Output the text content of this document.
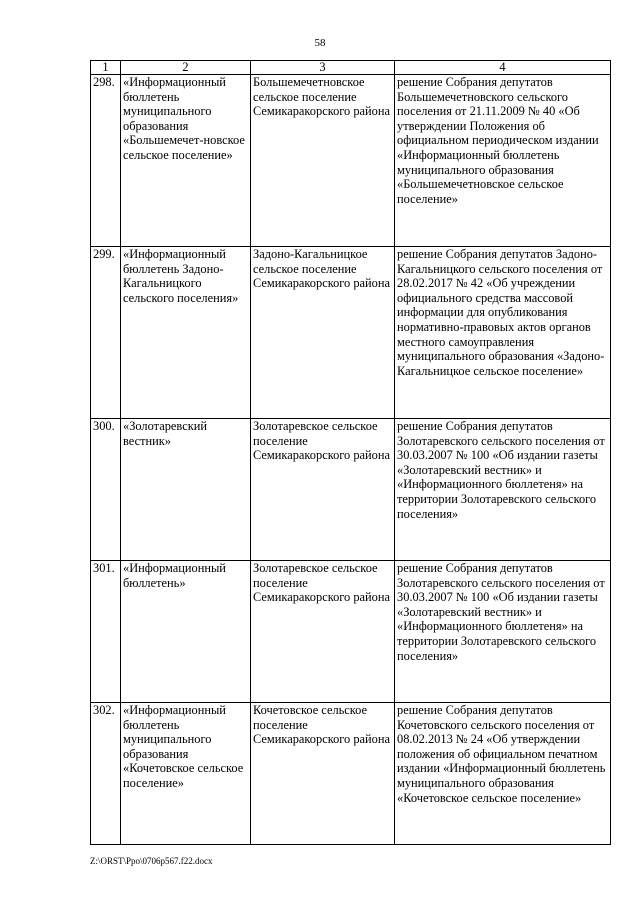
58
1	2	3	4
298.	«Информационный бюллетень муниципального образования «Большемечет-новское сельское поселение»	Большемечетновское сельское поселение Семикаракорского района	решение Собрания депутатов Большемечетновского сельского поселения от 21.11.2009 № 40 «Об утверждении Положения об официальном периодическом издании «Информационный бюллетень муниципального образования «Большемечетновское сельское поселение»
299.	«Информационный бюллетень Задоно-Кагальницкого сельского поселения»	Задоно-Кагальницкое сельское поселение Семикаракорского района	решение Собрания депутатов Задоно-Кагальницкого сельского поселения от 28.02.2017 № 42 «Об учреждении официального средства массовой информации для опубликования нормативно-правовых актов органов местного самоуправления муниципального образования «Задоно-Кагальницкое сельское поселение»
300.	«Золотаревский вестник»	Золотаревское сельское поселение Семикаракорского района	решение Собрания депутатов Золотаревского сельского поселения от 30.03.2007 № 100 «Об издании газеты «Золотаревский вестник» и «Информационного бюллетеня» на территории Золотаревского сельского поселения»
301.	«Информационный бюллетень»	Золотаревское сельское поселение Семикаракорского района	решение Собрания депутатов Золотаревского сельского поселения от 30.03.2007 № 100 «Об издании газеты «Золотаревский вестник» и «Информационного бюллетеня» на территории Золотаревского сельского поселения»
302.	«Информационный бюллетень муниципального образования «Кочетовское сельское поселение»	Кочетовское сельское поселение Семикаракорского района	решение Собрания депутатов Кочетовского сельского поселения от 08.02.2013 № 24 «Об утверждении положения об официальном печатном издании «Информационный бюллетень муниципального образования «Кочетовское сельское поселение»
Z:\ORST\Ppo\0706p567.f22.docx
